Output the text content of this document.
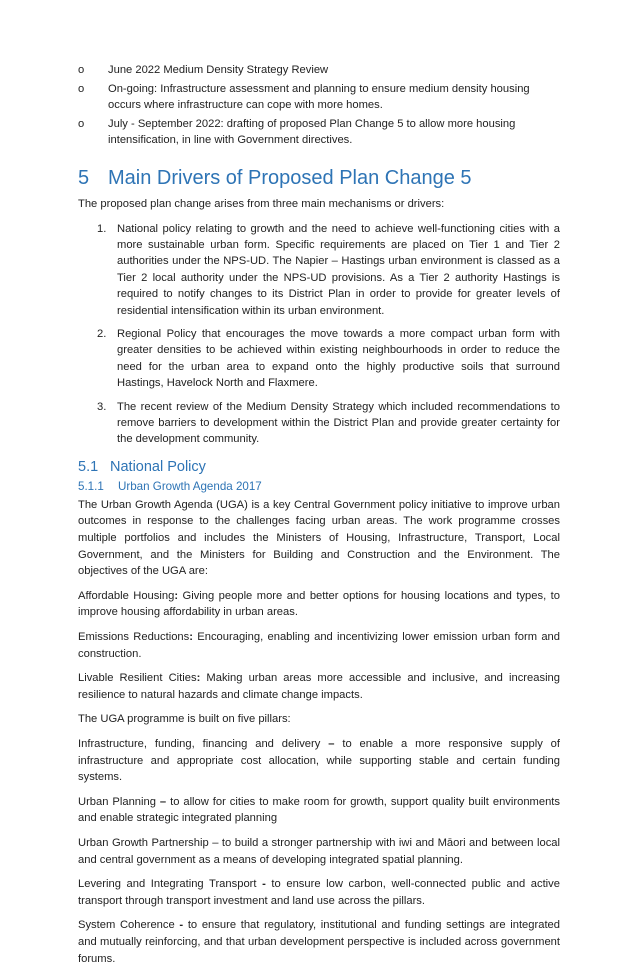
o June 2022 Medium Density Strategy Review
o On-going: Infrastructure assessment and planning to ensure medium density housing occurs where infrastructure can cope with more homes.
o July - September 2022: drafting of proposed Plan Change 5 to allow more housing intensification, in line with Government directives.
5 Main Drivers of Proposed Plan Change 5

The proposed plan change arises from three main mechanisms or drivers:

1. National policy relating to growth and the need to achieve well-functioning cities with a more sustainable urban form. Specific requirements are placed on Tier 1 and Tier 2 authorities under the NPS-UD. The Napier – Hastings urban environment is classed as a Tier 2 local authority under the NPS-UD provisions. As a Tier 2 authority Hastings is required to notify changes to its District Plan in order to provide for greater levels of residential intensification within its urban environment.
2. Regional Policy that encourages the move towards a more compact urban form with greater densities to be achieved within existing neighbourhoods in order to reduce the need for the urban area to expand onto the highly productive soils that surround Hastings, Havelock North and Flaxmere.
3. The recent review of the Medium Density Strategy which included recommendations to remove barriers to development within the District Plan and provide greater certainty for the development community.
5.1 National Policy
5.1.1 Urban Growth Agenda 2017

The Urban Growth Agenda (UGA) is a key Central Government policy initiative to improve urban outcomes in response to the challenges facing urban areas. The work programme crosses multiple portfolios and includes the Ministers of Housing, Infrastructure, Transport, Local Government, and the Ministers for Building and Construction and the Environment. The objectives of the UGA are:

Affordable Housing: Giving people more and better options for housing locations and types, to improve housing affordability in urban areas.

Emissions Reductions: Encouraging, enabling and incentivizing lower emission urban form and construction.

Livable Resilient Cities: Making urban areas more accessible and inclusive, and increasing resilience to natural hazards and climate change impacts.

The UGA programme is built on five pillars:

Infrastructure, funding, financing and delivery – to enable a more responsive supply of infrastructure and appropriate cost allocation, while supporting stable and certain funding systems.

Urban Planning – to allow for cities to make room for growth, support quality built environments and enable strategic integrated planning

Urban Growth Partnership – to build a stronger partnership with iwi and Māori and between local and central government as a means of developing integrated spatial planning.

Levering and Integrating Transport - to ensure low carbon, well-connected public and active transport through transport investment and land use across the pillars.

System Coherence - to ensure that regulatory, institutional and funding settings are integrated and mutually reinforcing, and that urban development perspective is included across government forums.
